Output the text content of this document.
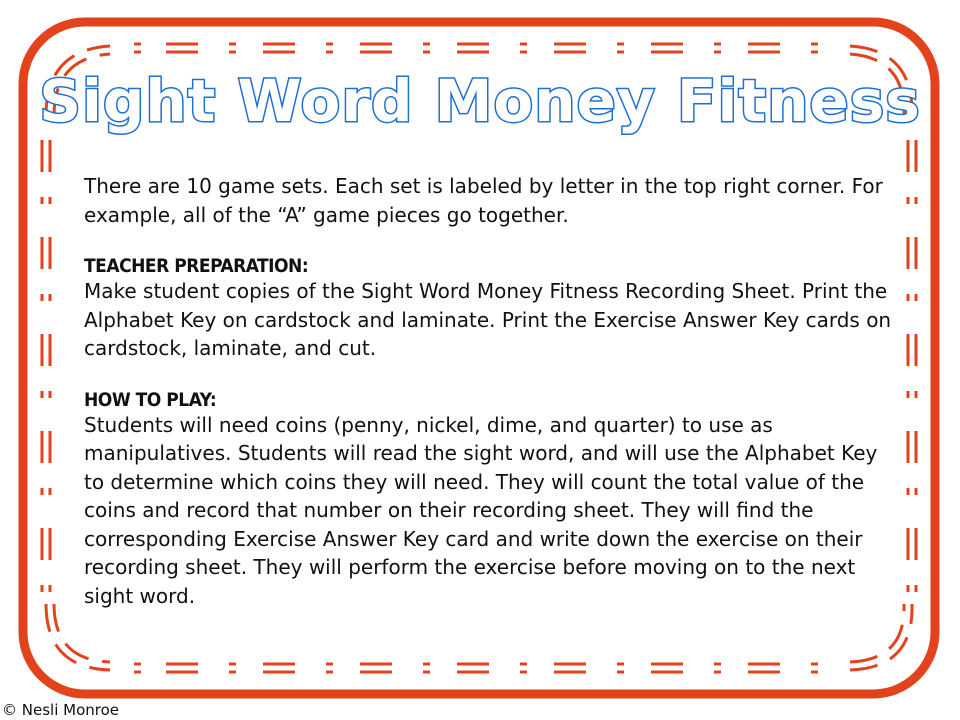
Sight Word Money Fitness

There are 10 game sets. Each set is labeled by letter in the top right corner. For example, all of the “A” game pieces go together.

TEACHER PREPARATION:

Make student copies of the Sight Word Money Fitness Recording Sheet. Print the Alphabet Key on cardstock and laminate. Print the Exercise Answer Key cards on cardstock, laminate, and cut.

HOW TO PLAY:

Students will need coins (penny, nickel, dime, and quarter) to use as manipulatives. Students will read the sight word, and will use the Alphabet Key to determine which coins they will need. They will count the total value of the coins and record that number on their recording sheet. They will find the corresponding Exercise Answer Key card and write down the exercise on their recording sheet. They will perform the exercise before moving on to the next sight word.

© Nesli Monroe
